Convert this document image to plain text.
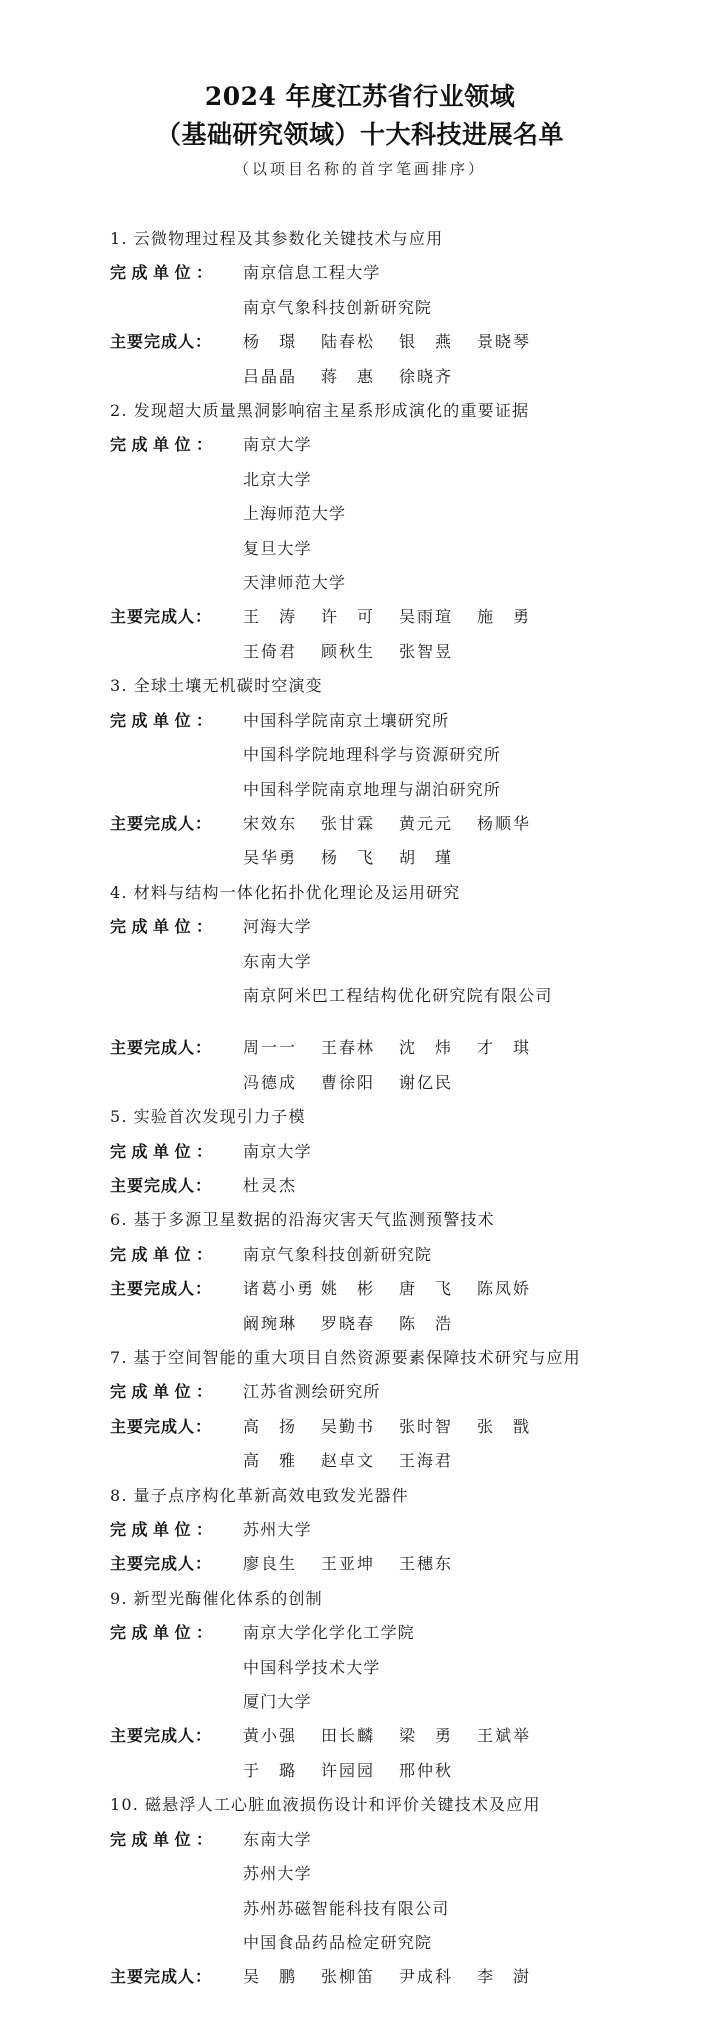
2024 年度江苏省行业领域
（基础研究领域）十大科技进展名单
（以项目名称的首字笔画排序）
1. 云微物理过程及其参数化关键技术与应用
完成单位：	南京信息工程大学
南京气象科技创新研究院
主要完成人：	杨　璟	陆春松	银　燕	景晓琴
吕晶晶	蒋　惠	徐晓齐
2. 发现超大质量黑洞影响宿主星系形成演化的重要证据
完成单位：	南京大学
北京大学
上海师范大学
复旦大学
天津师范大学
主要完成人：	王　涛	许　可	吴雨瑄	施　勇
王倚君	顾秋生	张智昱
3. 全球土壤无机碳时空演变
完成单位：	中国科学院南京土壤研究所
中国科学院地理科学与资源研究所
中国科学院南京地理与湖泊研究所
主要完成人：	宋效东	张甘霖	黄元元	杨顺华
吴华勇	杨　飞	胡　瑾
4. 材料与结构一体化拓扑优化理论及运用研究
完成单位：	河海大学
东南大学
南京阿米巴工程结构优化研究院有限公司
主要完成人：	周一一	王春林	沈　炜	才　琪
冯德成	曹徐阳	谢亿民
5. 实验首次发现引力子模
完成单位：	南京大学
主要完成人：	杜灵杰
6. 基于多源卫星数据的沿海灾害天气监测预警技术
完成单位：	南京气象科技创新研究院
主要完成人：	诸葛小勇 姚　彬	唐　飞	陈凤娇
阚琬琳	罗晓春	陈　浩
7. 基于空间智能的重大项目自然资源要素保障技术研究与应用
完成单位：	江苏省测绘研究所
主要完成人：	高　扬	吴勤书	张时智	张　戬
高　雅	赵卓文	王海君
8. 量子点序构化革新高效电致发光器件
完成单位：	苏州大学
主要完成人：	廖良生	王亚坤	王穗东
9. 新型光酶催化体系的创制
完成单位：	南京大学化学化工学院
中国科学技术大学
厦门大学
主要完成人：	黄小强	田长麟	梁　勇	王斌举
于　璐	许园园	邢仲秋
10. 磁悬浮人工心脏血液损伤设计和评价关键技术及应用
完成单位：	东南大学
苏州大学
苏州苏磁智能科技有限公司
中国食品药品检定研究院
主要完成人：	吴　鹏	张柳笛	尹成科	李　澍
